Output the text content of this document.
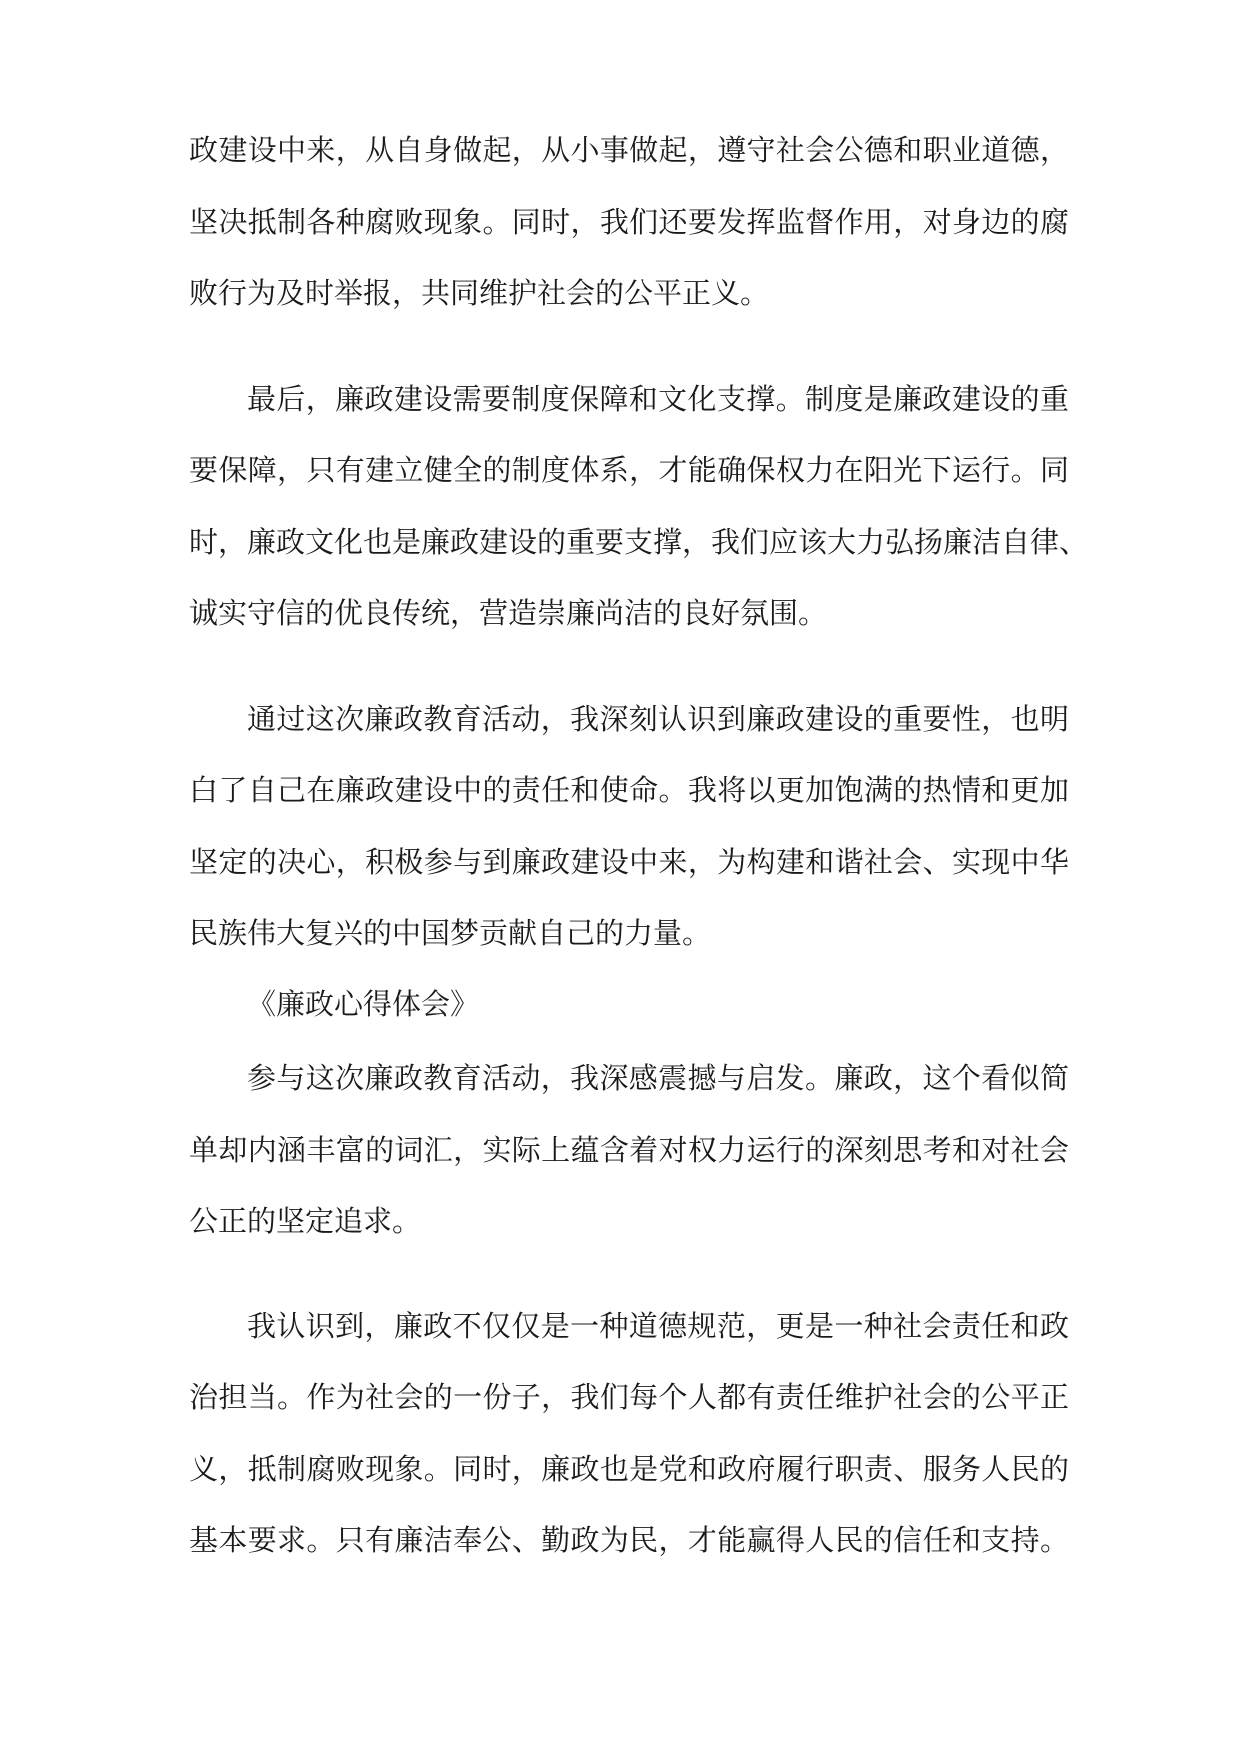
政建设中来，从自身做起，从小事做起，遵守社会公德和职业道德，
坚决抵制各种腐败现象。同时，我们还要发挥监督作用，对身边的腐
败行为及时举报，共同维护社会的公平正义。
最后，廉政建设需要制度保障和文化支撑。制度是廉政建设的重
要保障，只有建立健全的制度体系，才能确保权力在阳光下运行。同
时，廉政文化也是廉政建设的重要支撑，我们应该大力弘扬廉洁自律、
诚实守信的优良传统，营造崇廉尚洁的良好氛围。
通过这次廉政教育活动，我深刻认识到廉政建设的重要性，也明
白了自己在廉政建设中的责任和使命。我将以更加饱满的热情和更加
坚定的决心，积极参与到廉政建设中来，为构建和谐社会、实现中华
民族伟大复兴的中国梦贡献自己的力量。
《廉政心得体会》
参与这次廉政教育活动，我深感震撼与启发。廉政，这个看似简
单却内涵丰富的词汇，实际上蕴含着对权力运行的深刻思考和对社会
公正的坚定追求。
我认识到，廉政不仅仅是一种道德规范，更是一种社会责任和政
治担当。作为社会的一份子，我们每个人都有责任维护社会的公平正
义，抵制腐败现象。同时，廉政也是党和政府履行职责、服务人民的
基本要求。只有廉洁奉公、勤政为民，才能赢得人民的信任和支持。
